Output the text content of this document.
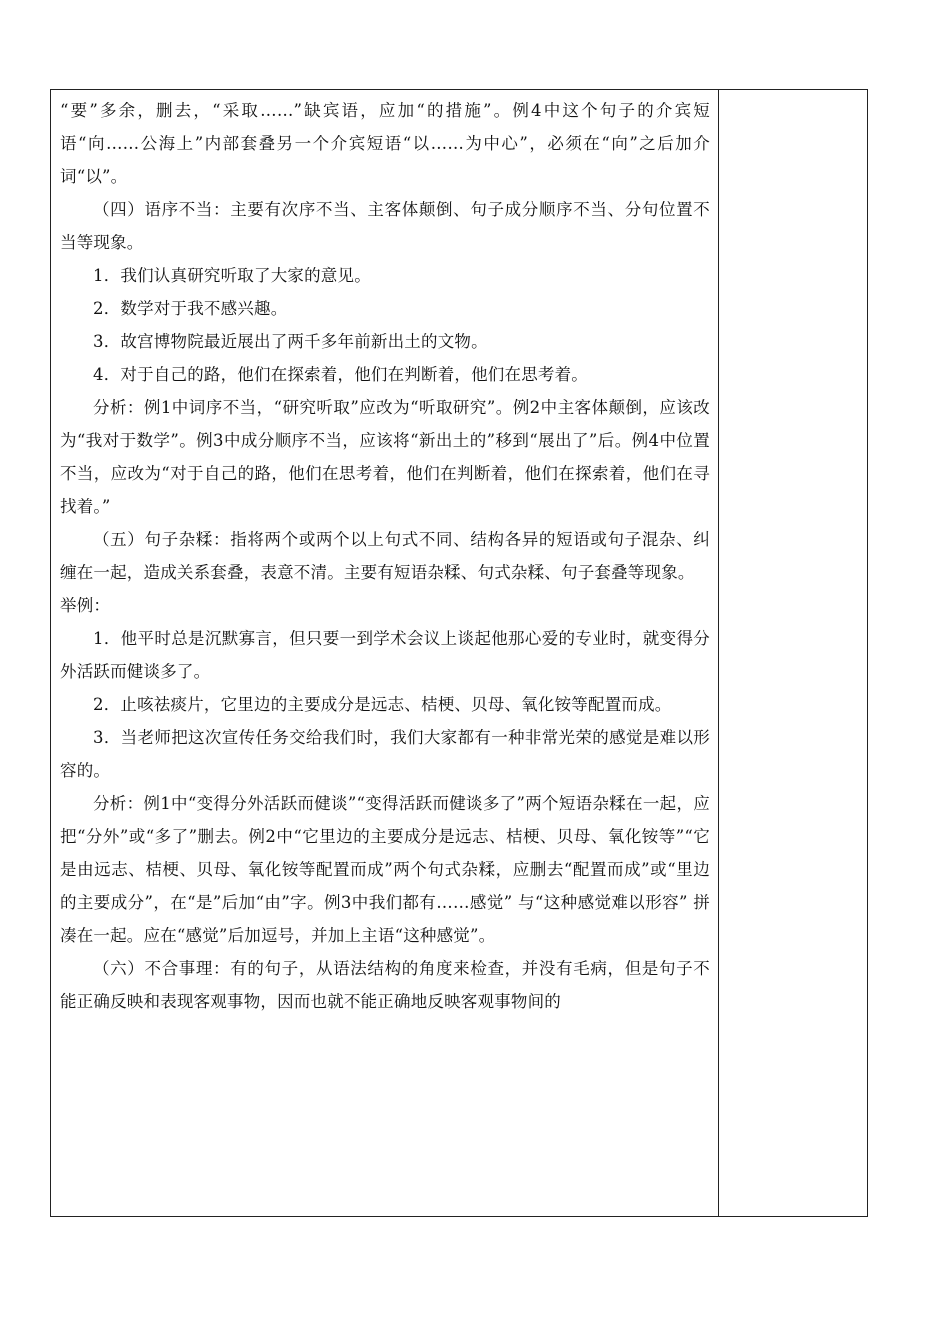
“要”多余，删去，“采取……”缺宾语，应加“的措施”。例4中这个句子的介宾短语“向……公海上”内部套叠另一个介宾短语“以……为中心”，必须在“向”之后加介词“以”。

（四）语序不当：主要有次序不当、主客体颠倒、句子成分顺序不当、分句位置不当等现象。

1．我们认真研究听取了大家的意见。

2．数学对于我不感兴趣。

3．故宫博物院最近展出了两千多年前新出土的文物。

4．对于自己的路，他们在探索着，他们在判断着，他们在思考着。

分析：例1中词序不当，“研究听取”应改为“听取研究”。例2中主客体颠倒，应该改为“我对于数学”。例3中成分顺序不当，应该将“新出土的”移到“展出了”后。例4中位置不当，应改为“对于自己的路，他们在思考着，他们在判断着，他们在探索着，他们在寻找着。”

（五）句子杂糅：指将两个或两个以上句式不同、结构各异的短语或句子混杂、纠缠在一起，造成关系套叠，表意不清。主要有短语杂糅、句式杂糅、句子套叠等现象。

举例：

1．他平时总是沉默寡言，但只要一到学术会议上谈起他那心爱的专业时，就变得分外活跃而健谈多了。

2．止咳祛痰片，它里边的主要成分是远志、桔梗、贝母、氧化铵等配置而成。

3．当老师把这次宣传任务交给我们时，我们大家都有一种非常光荣的感觉是难以形容的。

分析：例1中“变得分外活跃而健谈”“变得活跃而健谈多了”两个短语杂糅在一起，应把“分外”或“多了”删去。例2中“它里边的主要成分是远志、桔梗、贝母、氧化铵等”“它是由远志、桔梗、贝母、氧化铵等配置而成”两个句式杂糅，应删去“配置而成”或“里边的主要成分”，在“是”后加“由”字。例3中我们都有……感觉” 与“这种感觉难以形容” 拼凑在一起。应在“感觉”后加逗号，并加上主语“这种感觉”。

（六）不合事理：有的句子，从语法结构的角度来检查，并没有毛病，但是句子不能正确反映和表现客观事物，因而也就不能正确地反映客观事物间的
